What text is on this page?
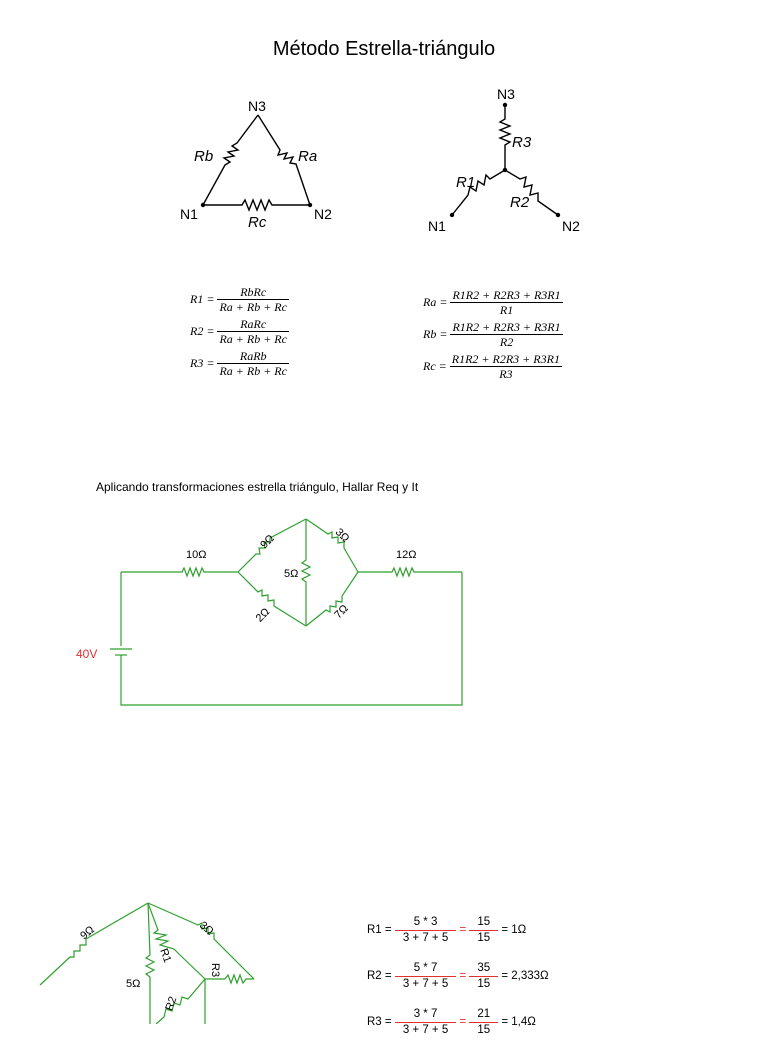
Método Estrella-triángulo
N3
N1	N2
Rb	Ra
Rc
N3
N1	N2
R3
R1
R2
R1 =
$\frac{\text{RbRc}}{Ra + Rb + Rc}$
R2 =
$\frac{\text{RaRc}}{Ra + Rb + Rc}$
R3 =
$\frac{\text{RaRb}}{Ra + Rb + Rc}$
Ra =
$\frac{R1R2 + R2R3 + R3R1}{R1}$
Rb =
$\frac{R1R2 + R2R3 + R3R1}{R2}$
Rc =
$\frac{R1R2 + R2R3 + R3R1}{R3}$
Aplicando transformaciones estrella triángulo, Hallar Req y It
10Ω	12Ω
9Ω	3Ω
5Ω
2Ω	7Ω
40V
9Ω	3Ω
5Ω
R1
R3
R2
R1 =
$\frac{5 * 3}{3 + 7 + 5}$
=
$\frac{15}{15}$
= 1Ω
R2 =
$\frac{5 * 7}{3 + 7 + 5}$
=
$\frac{35}{15}$
= 2,333Ω
R3 =
$\frac{3 * 7}{3 + 7 + 5}$
=
$\frac{21}{15}$
= 1,4Ω
